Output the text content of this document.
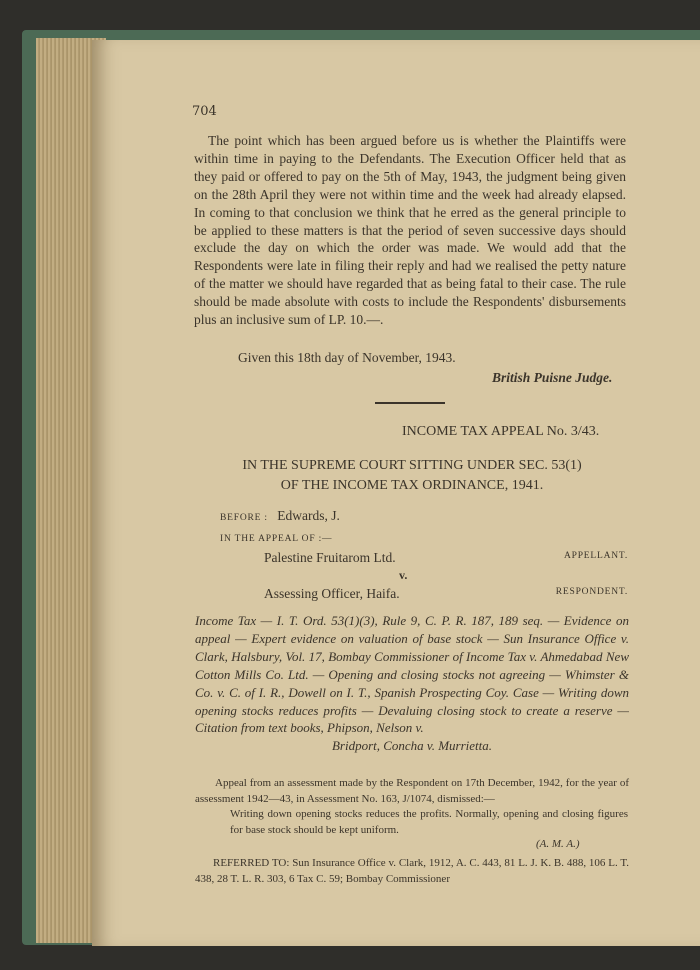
704

The point which has been argued before us is whether the Plaintiffs were within time in paying to the Defendants. The Execution Officer held that as they paid or offered to pay on the 5th of May, 1943, the judgment being given on the 28th April they were not within time and the week had already elapsed. In coming to that conclusion we think that he erred as the general principle to be applied to these matters is that the period of seven successive days should exclude the day on which the order was made. We would add that the Respondents were late in filing their reply and had we realised the petty nature of the matter we should have regarded that as being fatal to their case. The rule should be made absolute with costs to include the Respondents' disbursements plus an inclusive sum of LP. 10.—.

Given this 18th day of November, 1943.
British Puisne Judge.
INCOME TAX APPEAL No. 3/43.
IN THE SUPREME COURT SITTING UNDER SEC. 53(1)
OF THE INCOME TAX ORDINANCE, 1941.
BEFORE : Edwards, J.
IN THE APPEAL OF :—
Palestine Fruitarom Ltd.	APPELLANT.
v.
Assessing Officer, Haifa.	RESPONDENT.
Income Tax — I. T. Ord. 53(1)(3), Rule 9, C. P. R. 187, 189 seq. — Evidence on appeal — Expert evidence on valuation of base stock — Sun Insurance Office v. Clark, Halsbury, Vol. 17, Bombay Commissioner of Income Tax v. Ahmedabad New Cotton Mills Co. Ltd. — Opening and closing stocks not agreeing — Whimster & Co. v. C. of I. R., Dowell on I. T., Spanish Prospecting Coy. Case — Writing down opening stocks reduces profits — Devaluing closing stock to create a reserve — Citation from text books, Phipson, Nelson v.
Bridport, Concha v. Murrietta.

Appeal from an assessment made by the Respondent on 17th December, 1942, for the year of assessment 1942—43, in Assessment No. 163, J/1074, dismissed:—

Writing down opening stocks reduces the profits. Normally, opening and closing figures for base stock should be kept uniform.

(A. M. A.)

REFERRED TO: Sun Insurance Office v. Clark, 1912, A. C. 443, 81 L. J. K. B. 488, 106 L. T. 438, 28 T. L. R. 303, 6 Tax C. 59; Bombay Commissioner
